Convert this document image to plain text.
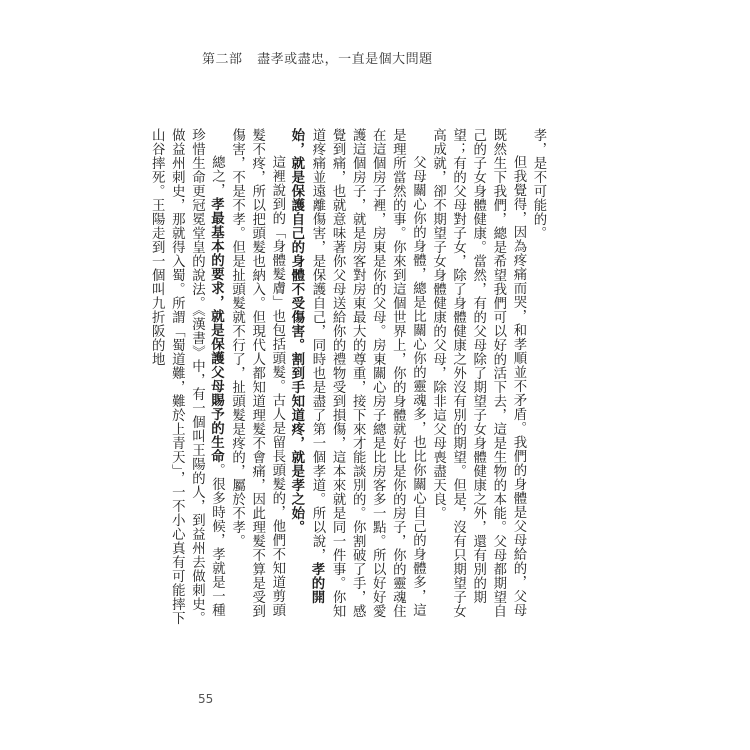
第二部 盡孝或盡忠，一直是個大問題

孝，是不可能的。

但我覺得，因為疼痛而哭，和孝順並不矛盾。我們的身體是父母給的，父母既然生下我們，總是希望我們可以好的活下去，這是生物的本能。父母都期望自己的子女身體健康。當然，有的父母除了期望子女身體健康之外，還有別的期望；有的父母對子女，除了身體健康之外沒有別的期望。但是，沒有只期望子女高成就，卻不期望子女身體健康的父母，除非這父母喪盡天良。

父母關心你的身體，總是比關心你的靈魂多，也比你關心自己的身體多，這是理所當然的事。你來到這個世界上，你的身體就好比是你的房子，你的靈魂住在這個房子裡，房東是你的父母。房東關心房子總是比房客多一點。所以好好愛護這個房子，就是房客對房東最大的尊重，接下來才能談別的。你割破了手，感覺到痛，也就意味著你父母送給你的禮物受到損傷，這本來就是同一件事。你知道疼痛並遠離傷害，是保護自己，同時也是盡了第一個孝道。所以說，孝的開始，就是保護自己的身體不受傷害。割到手知道疼，就是孝之始。

這裡說到的「身體髮膚」也包括頭髮。古人是留長頭髮的，他們不知道剪頭髮不疼，所以把頭髮也納入。但現代人都知道理髮不會痛，因此理髮不算是受到傷害，不是不孝。但是扯頭髮就不行了，扯頭髮是疼的，屬於不孝。

總之，孝最基本的要求，就是保護父母賜予的生命。很多時候，孝就是一種珍惜生命更冠冕堂皇的說法。《漢書》中，有一個叫王陽的人，到益州去做刺史。做益州刺史，那就得入蜀。所謂「蜀道難，難於上青天」，一不小心真有可能摔下山谷摔死。王陽走到一個叫九折阪的地

55
